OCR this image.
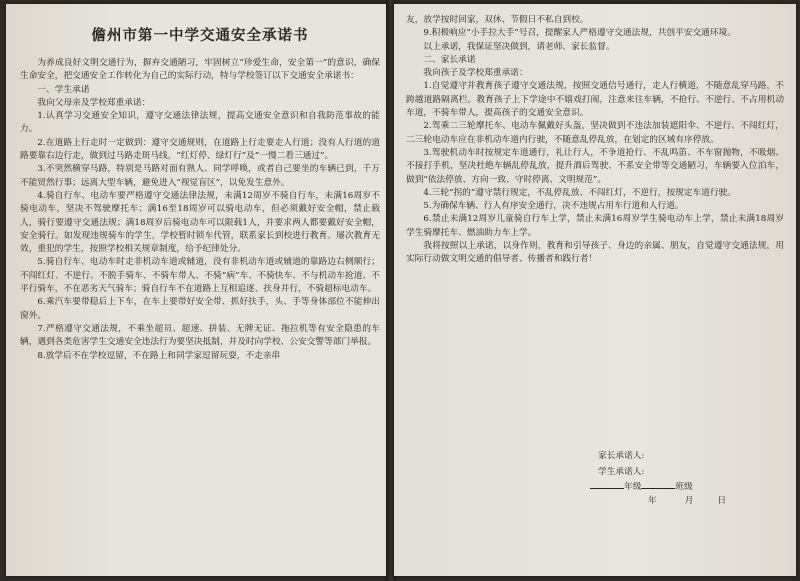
儋州市第一中学交通安全承诺书

为养成良好文明交通行为，摒弃交通陋习，牢固树立“珍爱生命，安全第一”的意识，确保生命安全，把交通安全工作转化为自己的实际行动，特与学校签订以下交通安全承诺书：

一、学生承诺

我向父母亲及学校郑重承诺：

1.认真学习交通安全知识，遵守交通法律法规，提高交通安全意识和自我防范事故的能力。

2.在道路上行走时一定做到：遵守交通规则，在道路上行走要走人行道；没有人行道的道路要靠右边行走，做到过马路走斑马线，“红灯停、绿灯行”及“一慢二看三通过”。

3.不突然横穿马路，特别是马路对面有熟人、同学呼唤，或者自己要坐的车辆已到，千万不能贸然行事；远离大型车辆，避免进入“视觉盲区”，以免发生意外。

4.骑自行车、电动车要严格遵守交通法律法规，未满12周岁不骑自行车，未满16周岁不骑电动车，坚决不驾驶摩托车；满16至18周岁可以骑电动车，但必须戴好安全帽，禁止载人，骑行要遵守交通法规；满18周岁后骑电动车可以限载1人，并要求两人都要戴好安全帽，安全骑行。如发现违规骑车的学生，学校暂时锁车代管，联系家长到校进行教育。屡次教育无效，重犯的学生，按照学校相关规章制度，给予纪律处分。

5.骑自行车、电动车时走非机动车道或辅道，没有非机动车道或辅道的靠路边右侧顺行；不闯红灯、不逆行、不脱手骑车、不骑车带人、不骑“病”车、不骑快车、不与机动车抢道、不平行骑车，不在恶劣天气骑车；骑自行车不在道路上互相追逐、扶身并行，不骑超标电动车。

6.乘汽车要带稳后上下车，在车上要带好安全带、抓好扶手，头、手等身体部位不能伸出窗外。

7.严格遵守交通法规，不乘坐超员、超速、拼装、无牌无证、拖拉机等有安全隐患的车辆，遇到各类危害学生交通安全违法行为要坚决抵制，并及时向学校、公安交警等部门举报。

8.放学后不在学校逗留，不在路上和同学家逗留玩耍，不走亲串

友，放学按时回家，双休、节假日不私自到校。

9.积极响应“小手拉大手”号召，提醒家人严格遵守交通法规，共创平安交通环境。

以上承诺，我保证坚决做到，请老师、家长监督。

二、家长承诺

我向孩子及学校郑重承诺：

1.自觉遵守并教育孩子遵守交通法规，按照交通信号通行，走人行横道，不随意乱穿马路，不跨越道路隔离栏。教育孩子上下学途中不嬉戏打闹，注意来往车辆，不抢行、不逆行、不占用机动车道，不骑车带人，提高孩子的交通安全意识。

2.驾乘二三轮摩托车、电动车佩戴好头盔，坚决做到不违法加装遮阳伞、不逆行、不闯红灯，二三轮电动车应在非机动车道内行驶，不随意乱停乱放，在划定的区域有序停放。

3.驾驶机动车时按规定车道通行，礼让行人，不争道抢行、不乱鸣笛、不车窗抛物，不吸烟、不接打手机，坚决杜绝车辆乱停乱放，提升酒后驾驶、不系安全带等交通陋习，车辆要入位泊车，做到“依法停放、方向一致、守时停离、文明规范”。

4.三轮“拐的”遵守禁行规定，不乱停乱放、不闯红灯，不逆行，按规定车道行驶。

5.为确保车辆、行人有序安全通行，决不违规占用车行道和人行道。

6.禁止未满12周岁儿童骑自行车上学，禁止未满16周岁学生骑电动车上学，禁止未满18周岁学生骑摩托车、燃油助力车上学。

我将按照以上承诺，以身作则，教育和引导孩子、身边的亲属、朋友，自觉遵守交通法规，用实际行动做文明交通的倡导者、传播者和践行者！

家长承诺人:
学生承诺人:
年级	班级
年	月	日
